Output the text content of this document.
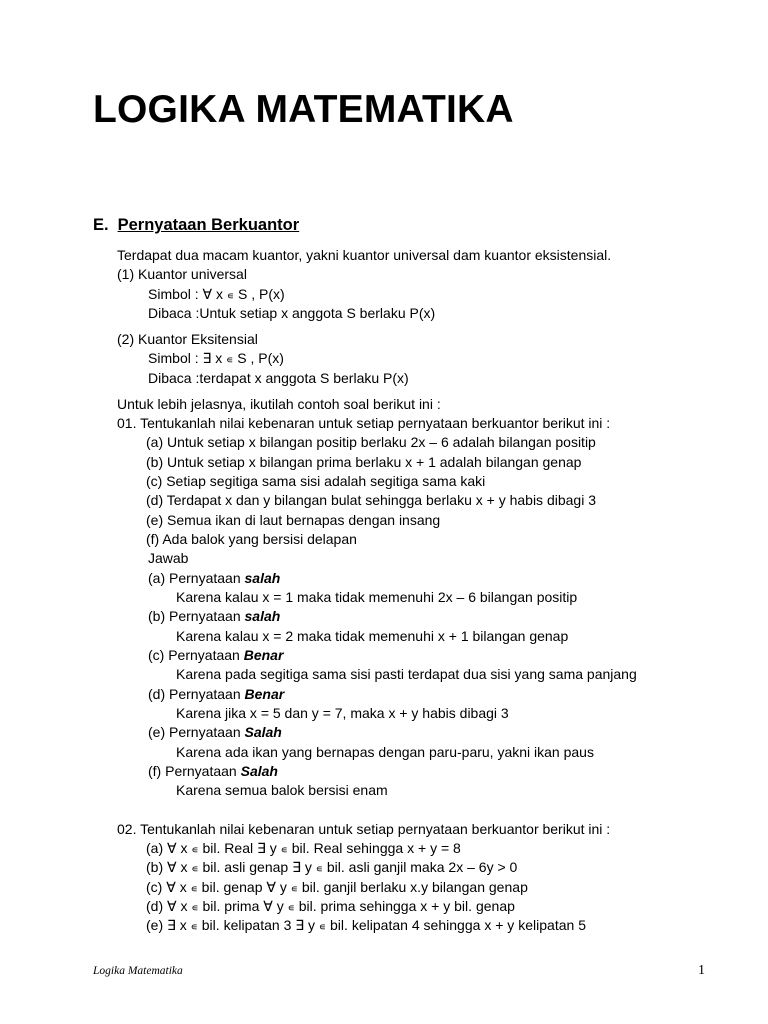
LOGIKA MATEMATIKA
E. Pernyataan Berkuantor
Terdapat dua macam kuantor, yakni kuantor universal dam kuantor eksistensial.
(1) Kuantor universal
Simbol : ∀ x ∊ S , P(x)
Dibaca :Untuk setiap x anggota S berlaku P(x)
(2) Kuantor Eksitensial
Simbol : ∃ x ∊ S , P(x)
Dibaca :terdapat x anggota S berlaku P(x)
Untuk lebih jelasnya, ikutilah contoh soal berikut ini :
01. Tentukanlah nilai kebenaran untuk setiap pernyataan berkuantor berikut ini :
(a) Untuk setiap x bilangan positip berlaku 2x – 6 adalah bilangan positip
(b) Untuk setiap x bilangan prima berlaku x + 1 adalah bilangan genap
(c) Setiap segitiga sama sisi adalah segitiga sama kaki
(d) Terdapat x dan y bilangan bulat sehingga berlaku x + y habis dibagi 3
(e) Semua ikan di laut bernapas dengan insang
(f) Ada balok yang bersisi delapan
Jawab
(a) Pernyataan salah
Karena kalau x = 1 maka tidak memenuhi 2x – 6 bilangan positip
(b) Pernyataan salah
Karena kalau x = 2 maka tidak memenuhi x + 1 bilangan genap
(c) Pernyataan Benar
Karena pada segitiga sama sisi pasti terdapat dua sisi yang sama panjang
(d) Pernyataan Benar
Karena jika x = 5 dan y = 7, maka x + y habis dibagi 3
(e) Pernyataan Salah
Karena ada ikan yang bernapas dengan paru-paru, yakni ikan paus
(f) Pernyataan Salah
Karena semua balok bersisi enam
02. Tentukanlah nilai kebenaran untuk setiap pernyataan berkuantor berikut ini :
(a) ∀ x ∊ bil. Real ∃ y ∊ bil. Real sehingga x + y = 8
(b) ∀ x ∊ bil. asli genap ∃ y ∊ bil. asli ganjil maka 2x – 6y > 0
(c) ∀ x ∊ bil. genap ∀ y ∊ bil. ganjil berlaku x.y bilangan genap
(d) ∀ x ∊ bil. prima ∀ y ∊ bil. prima sehingga x + y bil. genap
(e) ∃ x ∊ bil. kelipatan 3 ∃ y ∊ bil. kelipatan 4 sehingga x + y kelipatan 5
Logika Matematika	1
